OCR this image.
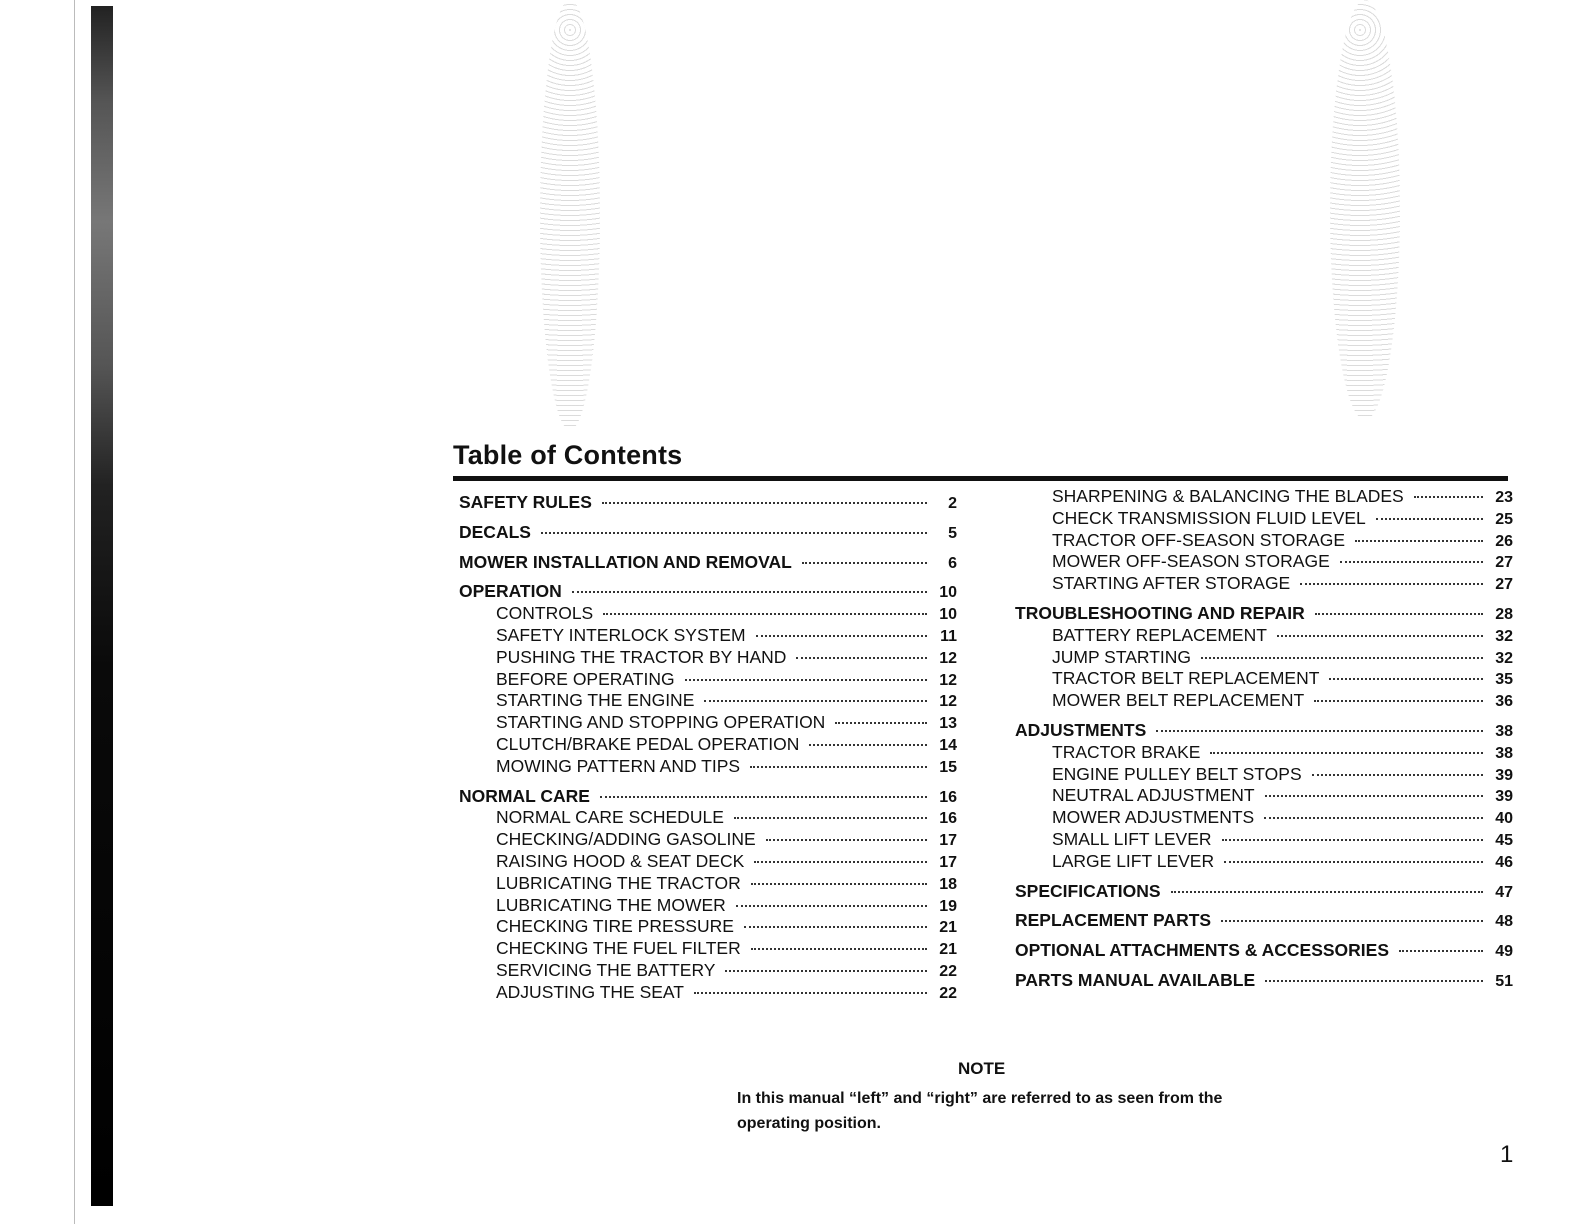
Table of Contents
SAFETY RULES	2
DECALS	5
MOWER INSTALLATION AND REMOVAL	6
OPERATION	10
CONTROLS	10
SAFETY INTERLOCK SYSTEM	11
PUSHING THE TRACTOR BY HAND	12
BEFORE OPERATING	12
STARTING THE ENGINE	12
STARTING AND STOPPING OPERATION	13
CLUTCH/BRAKE PEDAL OPERATION	14
MOWING PATTERN AND TIPS	15
NORMAL CARE	16
NORMAL CARE SCHEDULE	16
CHECKING/ADDING GASOLINE	17
RAISING HOOD & SEAT DECK	17
LUBRICATING THE TRACTOR	18
LUBRICATING THE MOWER	19
CHECKING TIRE PRESSURE	21
CHECKING THE FUEL FILTER	21
SERVICING THE BATTERY	22
ADJUSTING THE SEAT	22
SHARPENING & BALANCING THE BLADES	23
CHECK TRANSMISSION FLUID LEVEL	25
TRACTOR OFF-SEASON STORAGE	26
MOWER OFF-SEASON STORAGE	27
STARTING AFTER STORAGE	27
TROUBLESHOOTING AND REPAIR	28
BATTERY REPLACEMENT	32
JUMP STARTING	32
TRACTOR BELT REPLACEMENT	35
MOWER BELT REPLACEMENT	36
ADJUSTMENTS	38
TRACTOR BRAKE	38
ENGINE PULLEY BELT STOPS	39
NEUTRAL ADJUSTMENT	39
MOWER ADJUSTMENTS	40
SMALL LIFT LEVER	45
LARGE LIFT LEVER	46
SPECIFICATIONS	47
REPLACEMENT PARTS	48
OPTIONAL ATTACHMENTS & ACCESSORIES	49
PARTS MANUAL AVAILABLE	51
NOTE
In this manual “left” and “right” are referred to as seen from the operating position.
1
